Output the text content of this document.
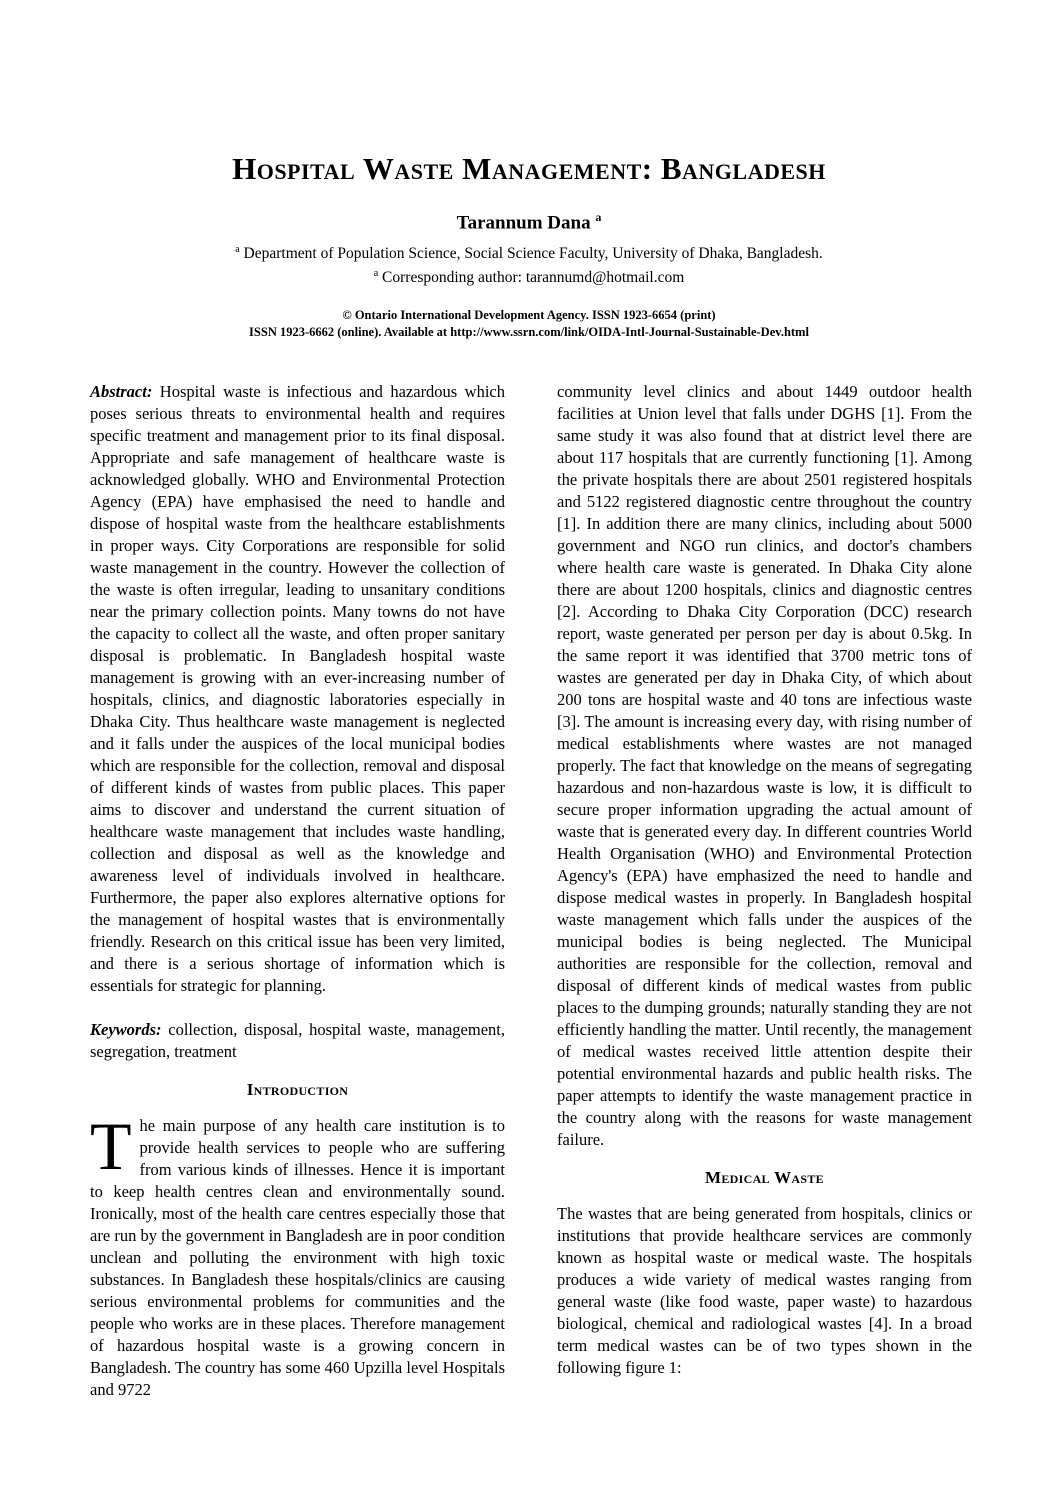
Hospital Waste Management: Bangladesh
Tarannum Dana $^a$
$^a$ Department of Population Science, Social Science Faculty, University of Dhaka, Bangladesh.
$^a$ Corresponding author: tarannumd@hotmail.com
© Ontario International Development Agency. ISSN 1923-6654 (print)
ISSN 1923-6662 (online). Available at http://www.ssrn.com/link/OIDA-Intl-Journal-Sustainable-Dev.html

Abstract: Hospital waste is infectious and hazardous which poses serious threats to environmental health and requires specific treatment and management prior to its final disposal. Appropriate and safe management of healthcare waste is acknowledged globally. WHO and Environmental Protection Agency (EPA) have emphasised the need to handle and dispose of hospital waste from the healthcare establishments in proper ways. City Corporations are responsible for solid waste management in the country. However the collection of the waste is often irregular, leading to unsanitary conditions near the primary collection points. Many towns do not have the capacity to collect all the waste, and often proper sanitary disposal is problematic. In Bangladesh hospital waste management is growing with an ever-increasing number of hospitals, clinics, and diagnostic laboratories especially in Dhaka City. Thus healthcare waste management is neglected and it falls under the auspices of the local municipal bodies which are responsible for the collection, removal and disposal of different kinds of wastes from public places. This paper aims to discover and understand the current situation of healthcare waste management that includes waste handling, collection and disposal as well as the knowledge and awareness level of individuals involved in healthcare. Furthermore, the paper also explores alternative options for the management of hospital wastes that is environmentally friendly. Research on this critical issue has been very limited, and there is a serious shortage of information which is essentials for strategic for planning.

Keywords: collection, disposal, hospital waste, management, segregation, treatment

Introduction

The main purpose of any health care institution is to provide health services to people who are suffering from various kinds of illnesses. Hence it is important to keep health centres clean and environmentally sound. Ironically, most of the health care centres especially those that are run by the government in Bangladesh are in poor condition unclean and polluting the environment with high toxic substances. In Bangladesh these hospitals/clinics are causing serious environmental problems for communities and the people who works are in these places. Therefore management of hazardous hospital waste is a growing concern in Bangladesh. The country has some 460 Upzilla level Hospitals and 9722

community level clinics and about 1449 outdoor health facilities at Union level that falls under DGHS [1]. From the same study it was also found that at district level there are about 117 hospitals that are currently functioning [1]. Among the private hospitals there are about 2501 registered hospitals and 5122 registered diagnostic centre throughout the country [1]. In addition there are many clinics, including about 5000 government and NGO run clinics, and doctor's chambers where health care waste is generated. In Dhaka City alone there are about 1200 hospitals, clinics and diagnostic centres [2]. According to Dhaka City Corporation (DCC) research report, waste generated per person per day is about 0.5kg. In the same report it was identified that 3700 metric tons of wastes are generated per day in Dhaka City, of which about 200 tons are hospital waste and 40 tons are infectious waste [3]. The amount is increasing every day, with rising number of medical establishments where wastes are not managed properly. The fact that knowledge on the means of segregating hazardous and non-hazardous waste is low, it is difficult to secure proper information upgrading the actual amount of waste that is generated every day. In different countries World Health Organisation (WHO) and Environmental Protection Agency's (EPA) have emphasized the need to handle and dispose medical wastes in properly. In Bangladesh hospital waste management which falls under the auspices of the municipal bodies is being neglected. The Municipal authorities are responsible for the collection, removal and disposal of different kinds of medical wastes from public places to the dumping grounds; naturally standing they are not efficiently handling the matter. Until recently, the management of medical wastes received little attention despite their potential environmental hazards and public health risks. The paper attempts to identify the waste management practice in the country along with the reasons for waste management failure.

Medical Waste

The wastes that are being generated from hospitals, clinics or institutions that provide healthcare services are commonly known as hospital waste or medical waste. The hospitals produces a wide variety of medical wastes ranging from general waste (like food waste, paper waste) to hazardous biological, chemical and radiological wastes [4]. In a broad term medical wastes can be of two types shown in the following figure 1:
